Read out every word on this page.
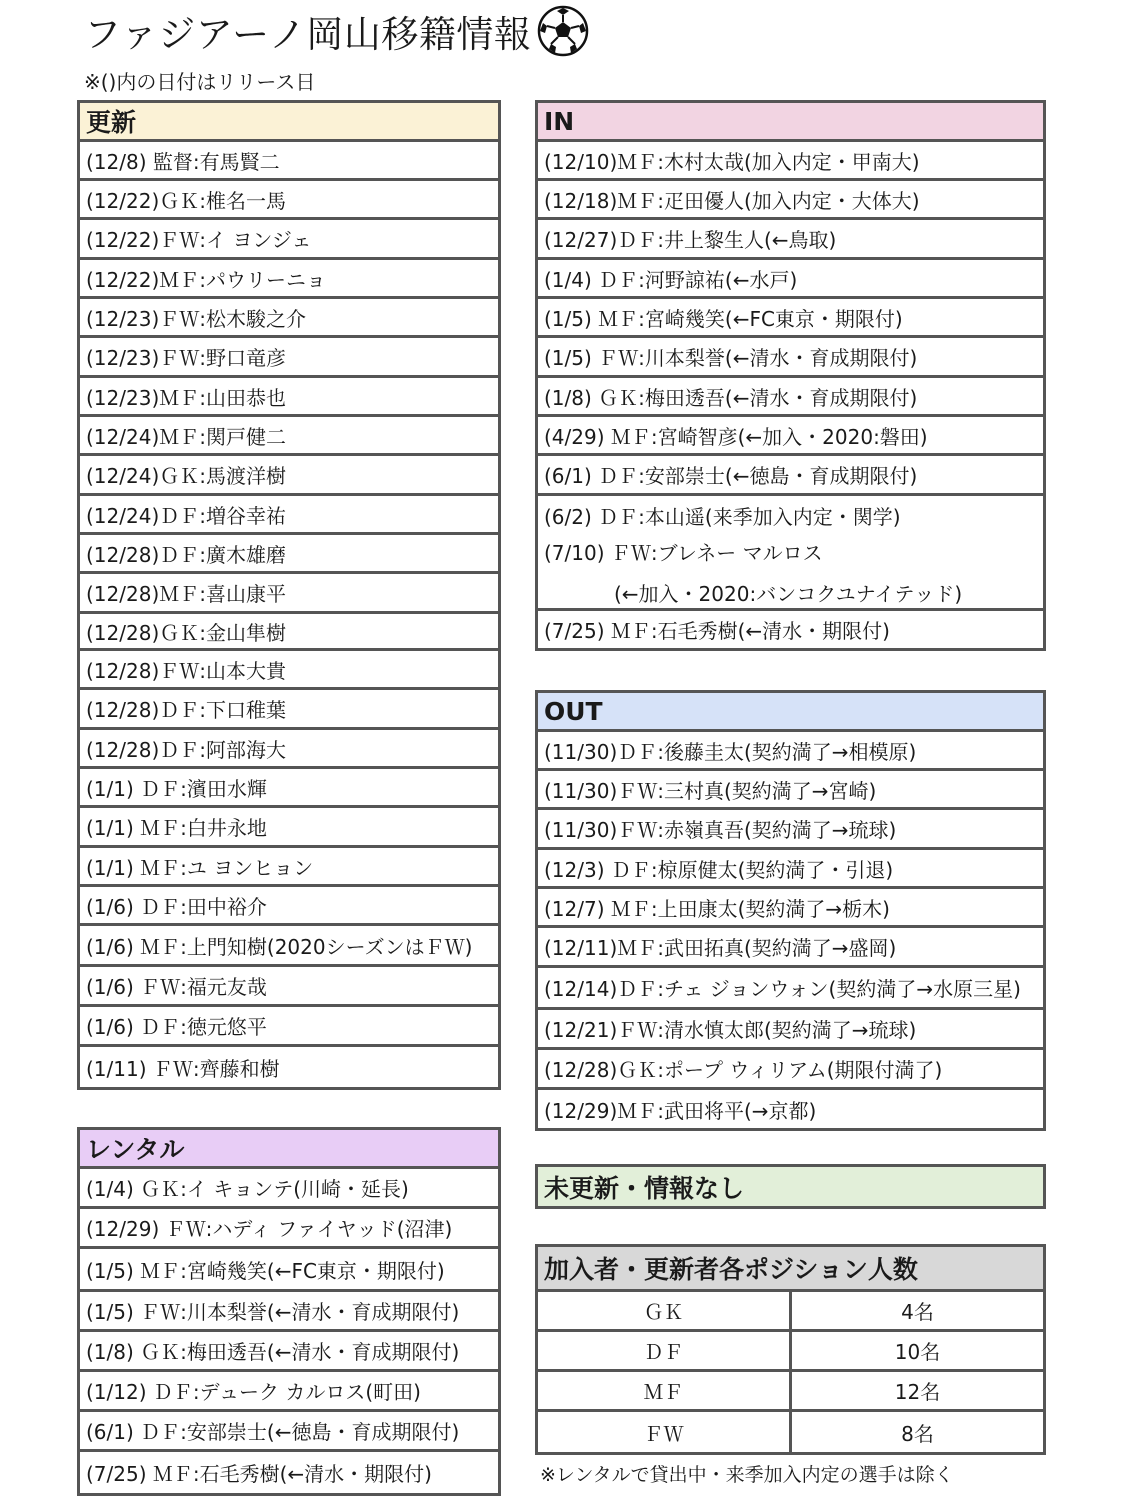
ファジアーノ岡山移籍情報
※()内の日付はリリース日
更新
(12/8) 監督:有馬賢二
(12/22)ＧＫ:椎名一馬
(12/22)ＦＷ:イ ヨンジェ
(12/22)ＭＦ:パウリーニョ
(12/23)ＦＷ:松木駿之介
(12/23)ＦＷ:野口竜彦
(12/23)ＭＦ:山田恭也
(12/24)ＭＦ:関戸健二
(12/24)ＧＫ:馬渡洋樹
(12/24)ＤＦ:増谷幸祐
(12/28)ＤＦ:廣木雄磨
(12/28)ＭＦ:喜山康平
(12/28)ＧＫ:金山隼樹
(12/28)ＦＷ:山本大貴
(12/28)ＤＦ:下口稚葉
(12/28)ＤＦ:阿部海大
(1/1) ＤＦ:濱田水輝
(1/1) ＭＦ:白井永地
(1/1) ＭＦ:ユ ヨンヒョン
(1/6) ＤＦ:田中裕介
(1/6) ＭＦ:上門知樹(2020シーズンはＦＷ)
(1/6) ＦＷ:福元友哉
(1/6) ＤＦ:徳元悠平
(1/11) ＦＷ:齊藤和樹
レンタル
(1/4) ＧＫ:イ キョンテ(川崎・延長)
(12/29) ＦＷ:ハディ ファイヤッド(沼津)
(1/5) ＭＦ:宮崎幾笑(←FC東京・期限付)
(1/5) ＦＷ:川本梨誉(←清水・育成期限付)
(1/8) ＧＫ:梅田透吾(←清水・育成期限付)
(1/12) ＤＦ:デューク カルロス(町田)
(6/1) ＤＦ:安部崇士(←徳島・育成期限付)
(7/25) ＭＦ:石毛秀樹(←清水・期限付)
IN
(12/10)ＭＦ:木村太哉(加入内定・甲南大)
(12/18)ＭＦ:疋田優人(加入内定・大体大)
(12/27)ＤＦ:井上黎生人(←鳥取)
(1/4) ＤＦ:河野諒祐(←水戸)
(1/5) ＭＦ:宮崎幾笑(←FC東京・期限付)
(1/5) ＦＷ:川本梨誉(←清水・育成期限付)
(1/8) ＧＫ:梅田透吾(←清水・育成期限付)
(4/29) ＭＦ:宮崎智彦(←加入・2020:磐田)
(6/1) ＤＦ:安部崇士(←徳島・育成期限付)
(6/2) ＤＦ:本山遥(来季加入内定・関学)
(7/10) ＦＷ:ブレネー マルロス
(←加入・2020:バンコクユナイテッド)
(7/25) ＭＦ:石毛秀樹(←清水・期限付)
OUT
(11/30)ＤＦ:後藤圭太(契約満了→相模原)
(11/30)ＦＷ:三村真(契約満了→宮崎)
(11/30)ＦＷ:赤嶺真吾(契約満了→琉球)
(12/3) ＤＦ:椋原健太(契約満了・引退)
(12/7) ＭＦ:上田康太(契約満了→栃木)
(12/11)ＭＦ:武田拓真(契約満了→盛岡)
(12/14)ＤＦ:チェ ジョンウォン(契約満了→水原三星)
(12/21)ＦＷ:清水慎太郎(契約満了→琉球)
(12/28)ＧＫ:ポープ ウィリアム(期限付満了)
(12/29)ＭＦ:武田将平(→京都)
未更新・情報なし
加入者・更新者各ポジション人数
ＧＫ	4名
ＤＦ	10名
ＭＦ	12名
ＦＷ	8名
※レンタルで貸出中・来季加入内定の選手は除く
